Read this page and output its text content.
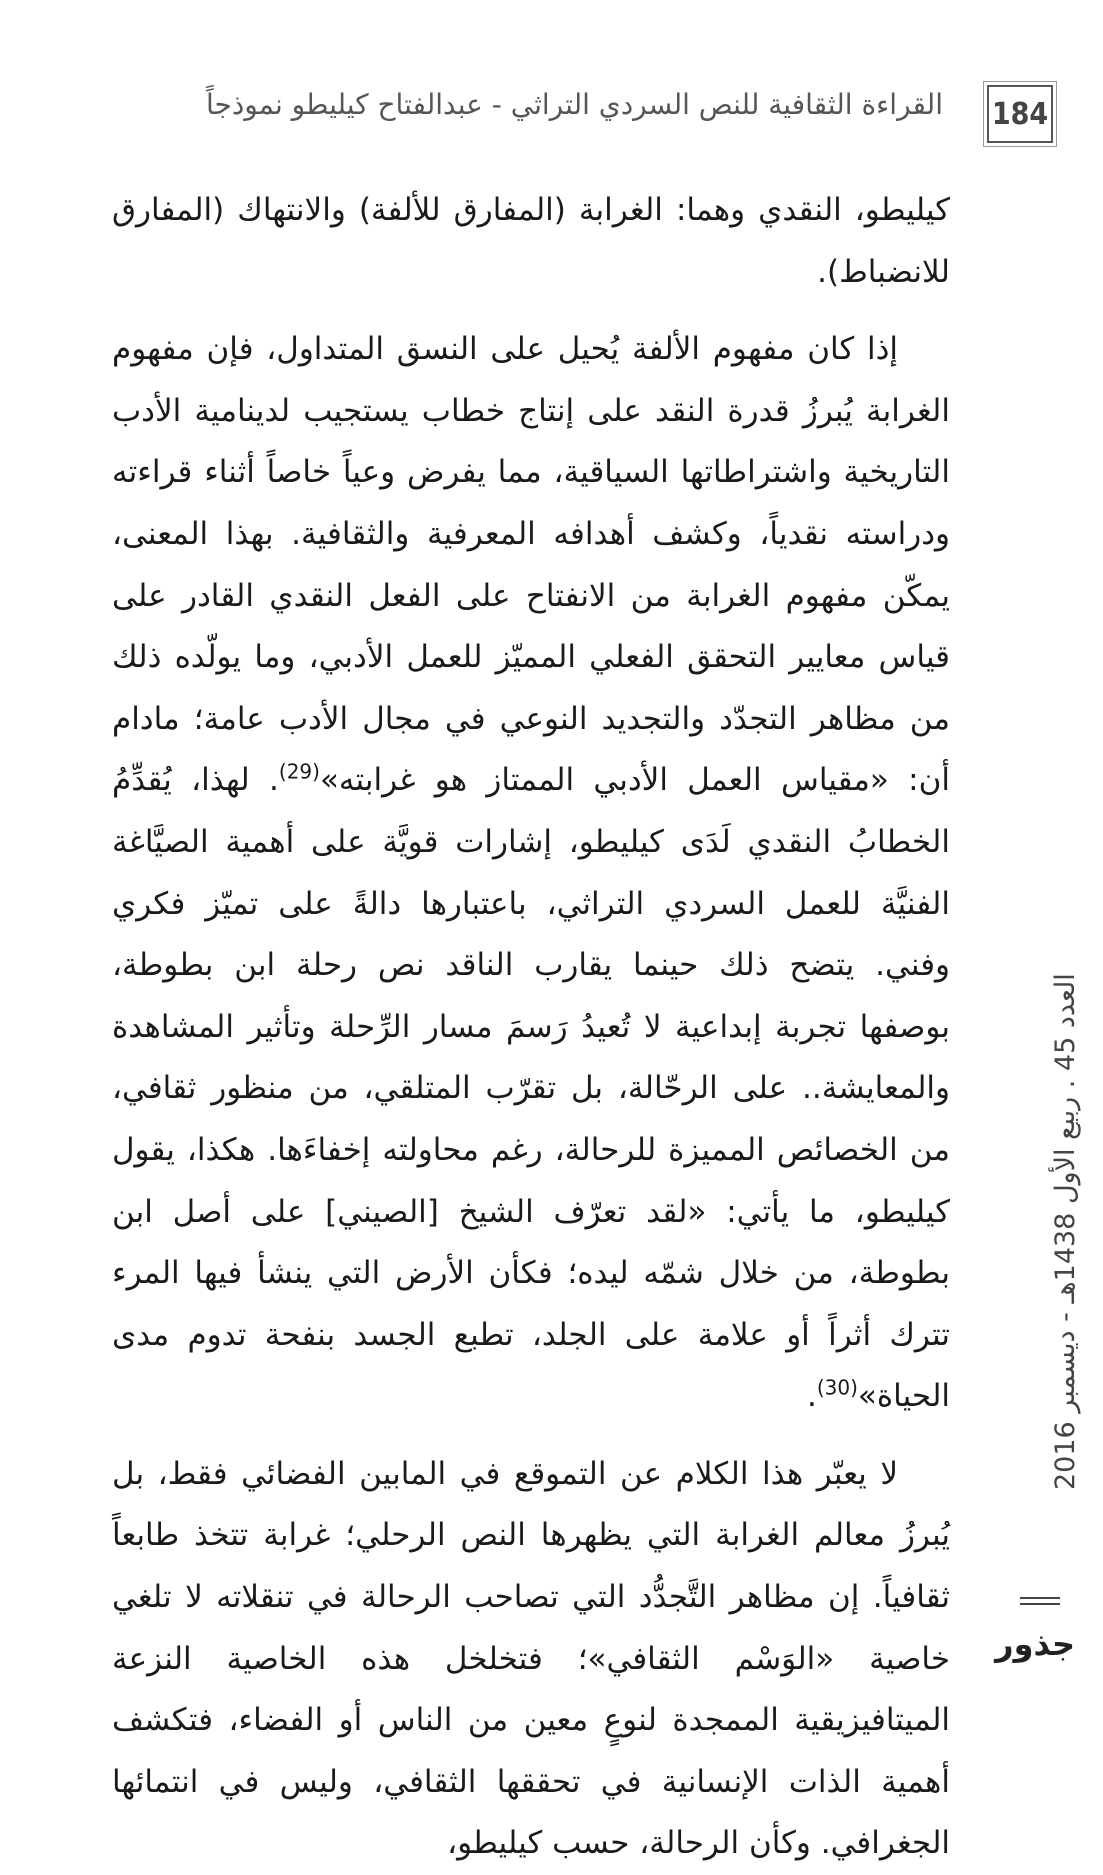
184
القراءة الثقافية للنص السردي التراثي - عبدالفتاح كيليطو نموذجاً

كيليطو، النقدي وهما: الغرابة (المفارق للألفة) والانتهاك (المفارق للانضباط).

إذا كان مفهوم الألفة يُحيل على النسق المتداول، فإن مفهوم الغرابة يُبرزُ قدرة النقد على إنتاج خطاب يستجيب لدينامية الأدب التاريخية واشتراطاتها السياقية، مما يفرض وعياً خاصاً أثناء قراءته ودراسته نقدياً، وكشف أهدافه المعرفية والثقافية. بهذا المعنى، يمكّن مفهوم الغرابة من الانفتاح على الفعل النقدي القادر على قياس معايير التحقق الفعلي المميّز للعمل الأدبي، وما يولّده ذلك من مظاهر التجدّد والتجديد النوعي في مجال الأدب عامة؛ مادام أن: «مقياس العمل الأدبي الممتاز هو غرابته»$^{(29)}$. لهذا، يُقدِّمُ الخطابُ النقدي لَدَى كيليطو، إشارات قويَّة على أهمية الصيَّاغة الفنيَّة للعمل السردي التراثي، باعتبارها دالةً على تميّز فكري وفني. يتضح ذلك حينما يقارب الناقد نص رحلة ابن بطوطة، بوصفها تجربة إبداعية لا تُعيدُ رَسمَ مسار الرِّحلة وتأثير المشاهدة والمعايشة.. على الرحّالة، بل تقرّب المتلقي، من منظور ثقافي، من الخصائص المميزة للرحالة، رغم محاولته إخفاءَها. هكذا، يقول كيليطو، ما يأتي: «لقد تعرّف الشيخ [الصيني] على أصل ابن بطوطة، من خلال شمّه ليده؛ فكأن الأرض التي ينشأ فيها المرء تترك أثراً أو علامة على الجلد، تطبع الجسد بنفحة تدوم مدى الحياة»$^{(30)}$.

لا يعبّر هذا الكلام عن التموقع في المابين الفضائي فقط، بل يُبرزُ معالم الغرابة التي يظهرها النص الرحلي؛ غرابة تتخذ طابعاً ثقافياً. إن مظاهر التَّجدُّد التي تصاحب الرحالة في تنقلاته لا تلغي خاصية «الوَسْم الثقافي»؛ فتخلخل هذه الخاصية النزعة الميتافيزيقية الممجدة لنوعٍ معين من الناس أو الفضاء، فتكشف أهمية الذات الإنسانية في تحققها الثقافي، وليس في انتمائها الجغرافي. وكأن الرحالة، حسب كيليطو،

العدد 45 . ربيع الأول 1438هـ - ديسمبر 2016
جذور
